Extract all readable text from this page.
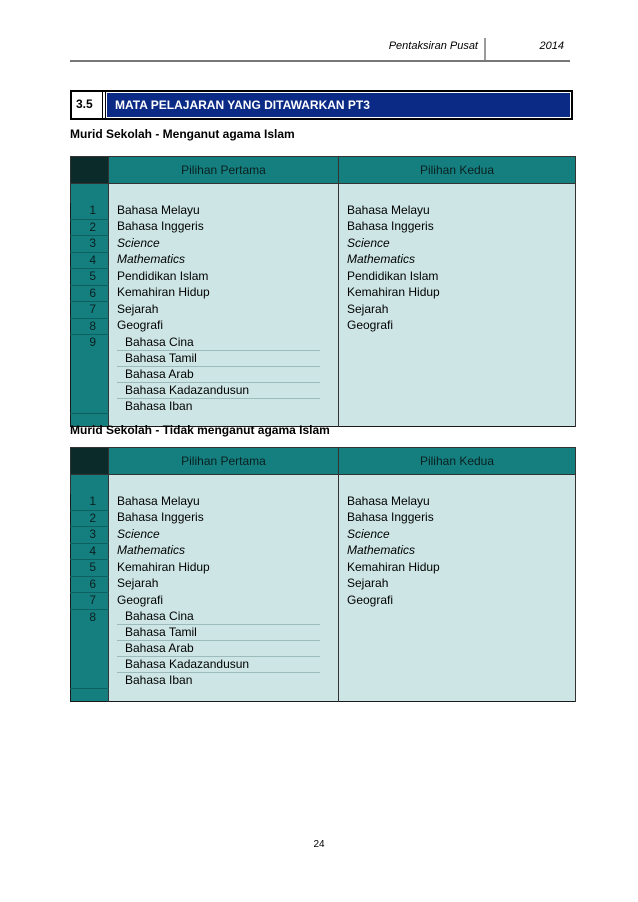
Pentaksiran Pusat	2014
3.5	MATA PELAJARAN YANG DITAWARKAN PT3
Murid Sekolah - Menganut agama Islam
	Pilihan Pertama	Pilihan Kedua

1	Bahasa Melayu	Bahasa Melayu
2	Bahasa Inggeris	Bahasa Inggeris
3	Science	Science
4	Mathematics	Mathematics
5	Pendidikan Islam	Pendidikan Islam
6	Kemahiran Hidup	Kemahiran Hidup
7	Sejarah	Sejarah
8	Geografi	Geografi
9	Bahasa Cina
Bahasa Tamil
Bahasa Arab
Bahasa Kadazandusun
Bahasa Iban	

Murid Sekolah - Tidak menganut agama Islam
	Pilihan Pertama	Pilihan Kedua

1	Bahasa Melayu	Bahasa Melayu
2	Bahasa Inggeris	Bahasa Inggeris
3	Science	Science
4	Mathematics	Mathematics
5	Kemahiran Hidup	Kemahiran Hidup
6	Sejarah	Sejarah
7	Geografi	Geografi
8	Bahasa Cina
Bahasa Tamil
Bahasa Arab
Bahasa Kadazandusun
Bahasa Iban	

24
